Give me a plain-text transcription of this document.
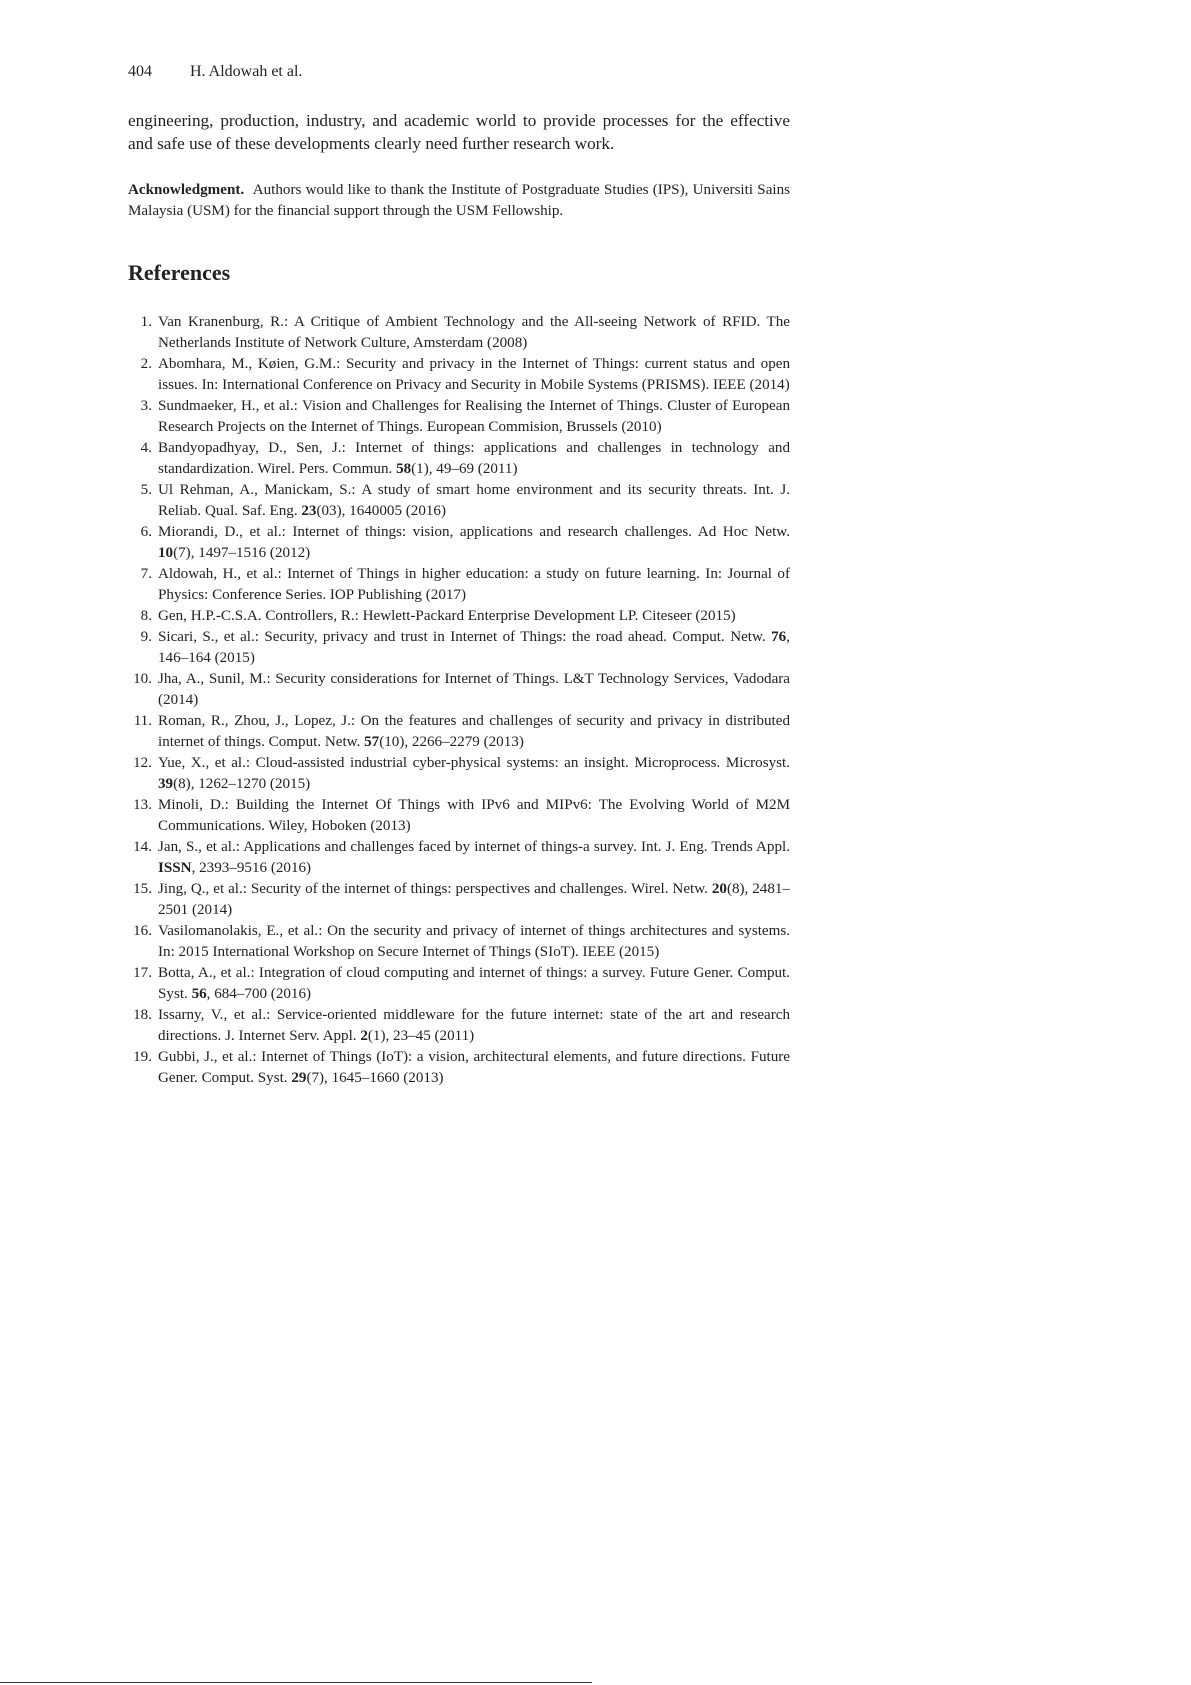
404 H. Aldowah et al.

engineering, production, industry, and academic world to provide processes for the effective and safe use of these developments clearly need further research work.

Acknowledgment. Authors would like to thank the Institute of Postgraduate Studies (IPS), Universiti Sains Malaysia (USM) for the financial support through the USM Fellowship.

References
1. Van Kranenburg, R.: A Critique of Ambient Technology and the All-seeing Network of RFID. The Netherlands Institute of Network Culture, Amsterdam (2008)
2. Abomhara, M., Køien, G.M.: Security and privacy in the Internet of Things: current status and open issues. In: International Conference on Privacy and Security in Mobile Systems (PRISMS). IEEE (2014)
3. Sundmaeker, H., et al.: Vision and Challenges for Realising the Internet of Things. Cluster of European Research Projects on the Internet of Things. European Commision, Brussels (2010)
4. Bandyopadhyay, D., Sen, J.: Internet of things: applications and challenges in technology and standardization. Wirel. Pers. Commun. 58(1), 49–69 (2011)
5. Ul Rehman, A., Manickam, S.: A study of smart home environment and its security threats. Int. J. Reliab. Qual. Saf. Eng. 23(03), 1640005 (2016)
6. Miorandi, D., et al.: Internet of things: vision, applications and research challenges. Ad Hoc Netw. 10(7), 1497–1516 (2012)
7. Aldowah, H., et al.: Internet of Things in higher education: a study on future learning. In: Journal of Physics: Conference Series. IOP Publishing (2017)
8. Gen, H.P.-C.S.A. Controllers, R.: Hewlett-Packard Enterprise Development LP. Citeseer (2015)
9. Sicari, S., et al.: Security, privacy and trust in Internet of Things: the road ahead. Comput. Netw. 76, 146–164 (2015)
10. Jha, A., Sunil, M.: Security considerations for Internet of Things. L&T Technology Services, Vadodara (2014)
11. Roman, R., Zhou, J., Lopez, J.: On the features and challenges of security and privacy in distributed internet of things. Comput. Netw. 57(10), 2266–2279 (2013)
12. Yue, X., et al.: Cloud-assisted industrial cyber-physical systems: an insight. Microprocess. Microsyst. 39(8), 1262–1270 (2015)
13. Minoli, D.: Building the Internet Of Things with IPv6 and MIPv6: The Evolving World of M2M Communications. Wiley, Hoboken (2013)
14. Jan, S., et al.: Applications and challenges faced by internet of things-a survey. Int. J. Eng. Trends Appl. ISSN, 2393–9516 (2016)
15. Jing, Q., et al.: Security of the internet of things: perspectives and challenges. Wirel. Netw. 20(8), 2481–2501 (2014)
16. Vasilomanolakis, E., et al.: On the security and privacy of internet of things architectures and systems. In: 2015 International Workshop on Secure Internet of Things (SIoT). IEEE (2015)
17. Botta, A., et al.: Integration of cloud computing and internet of things: a survey. Future Gener. Comput. Syst. 56, 684–700 (2016)
18. Issarny, V., et al.: Service-oriented middleware for the future internet: state of the art and research directions. J. Internet Serv. Appl. 2(1), 23–45 (2011)
19. Gubbi, J., et al.: Internet of Things (IoT): a vision, architectural elements, and future directions. Future Gener. Comput. Syst. 29(7), 1645–1660 (2013)
